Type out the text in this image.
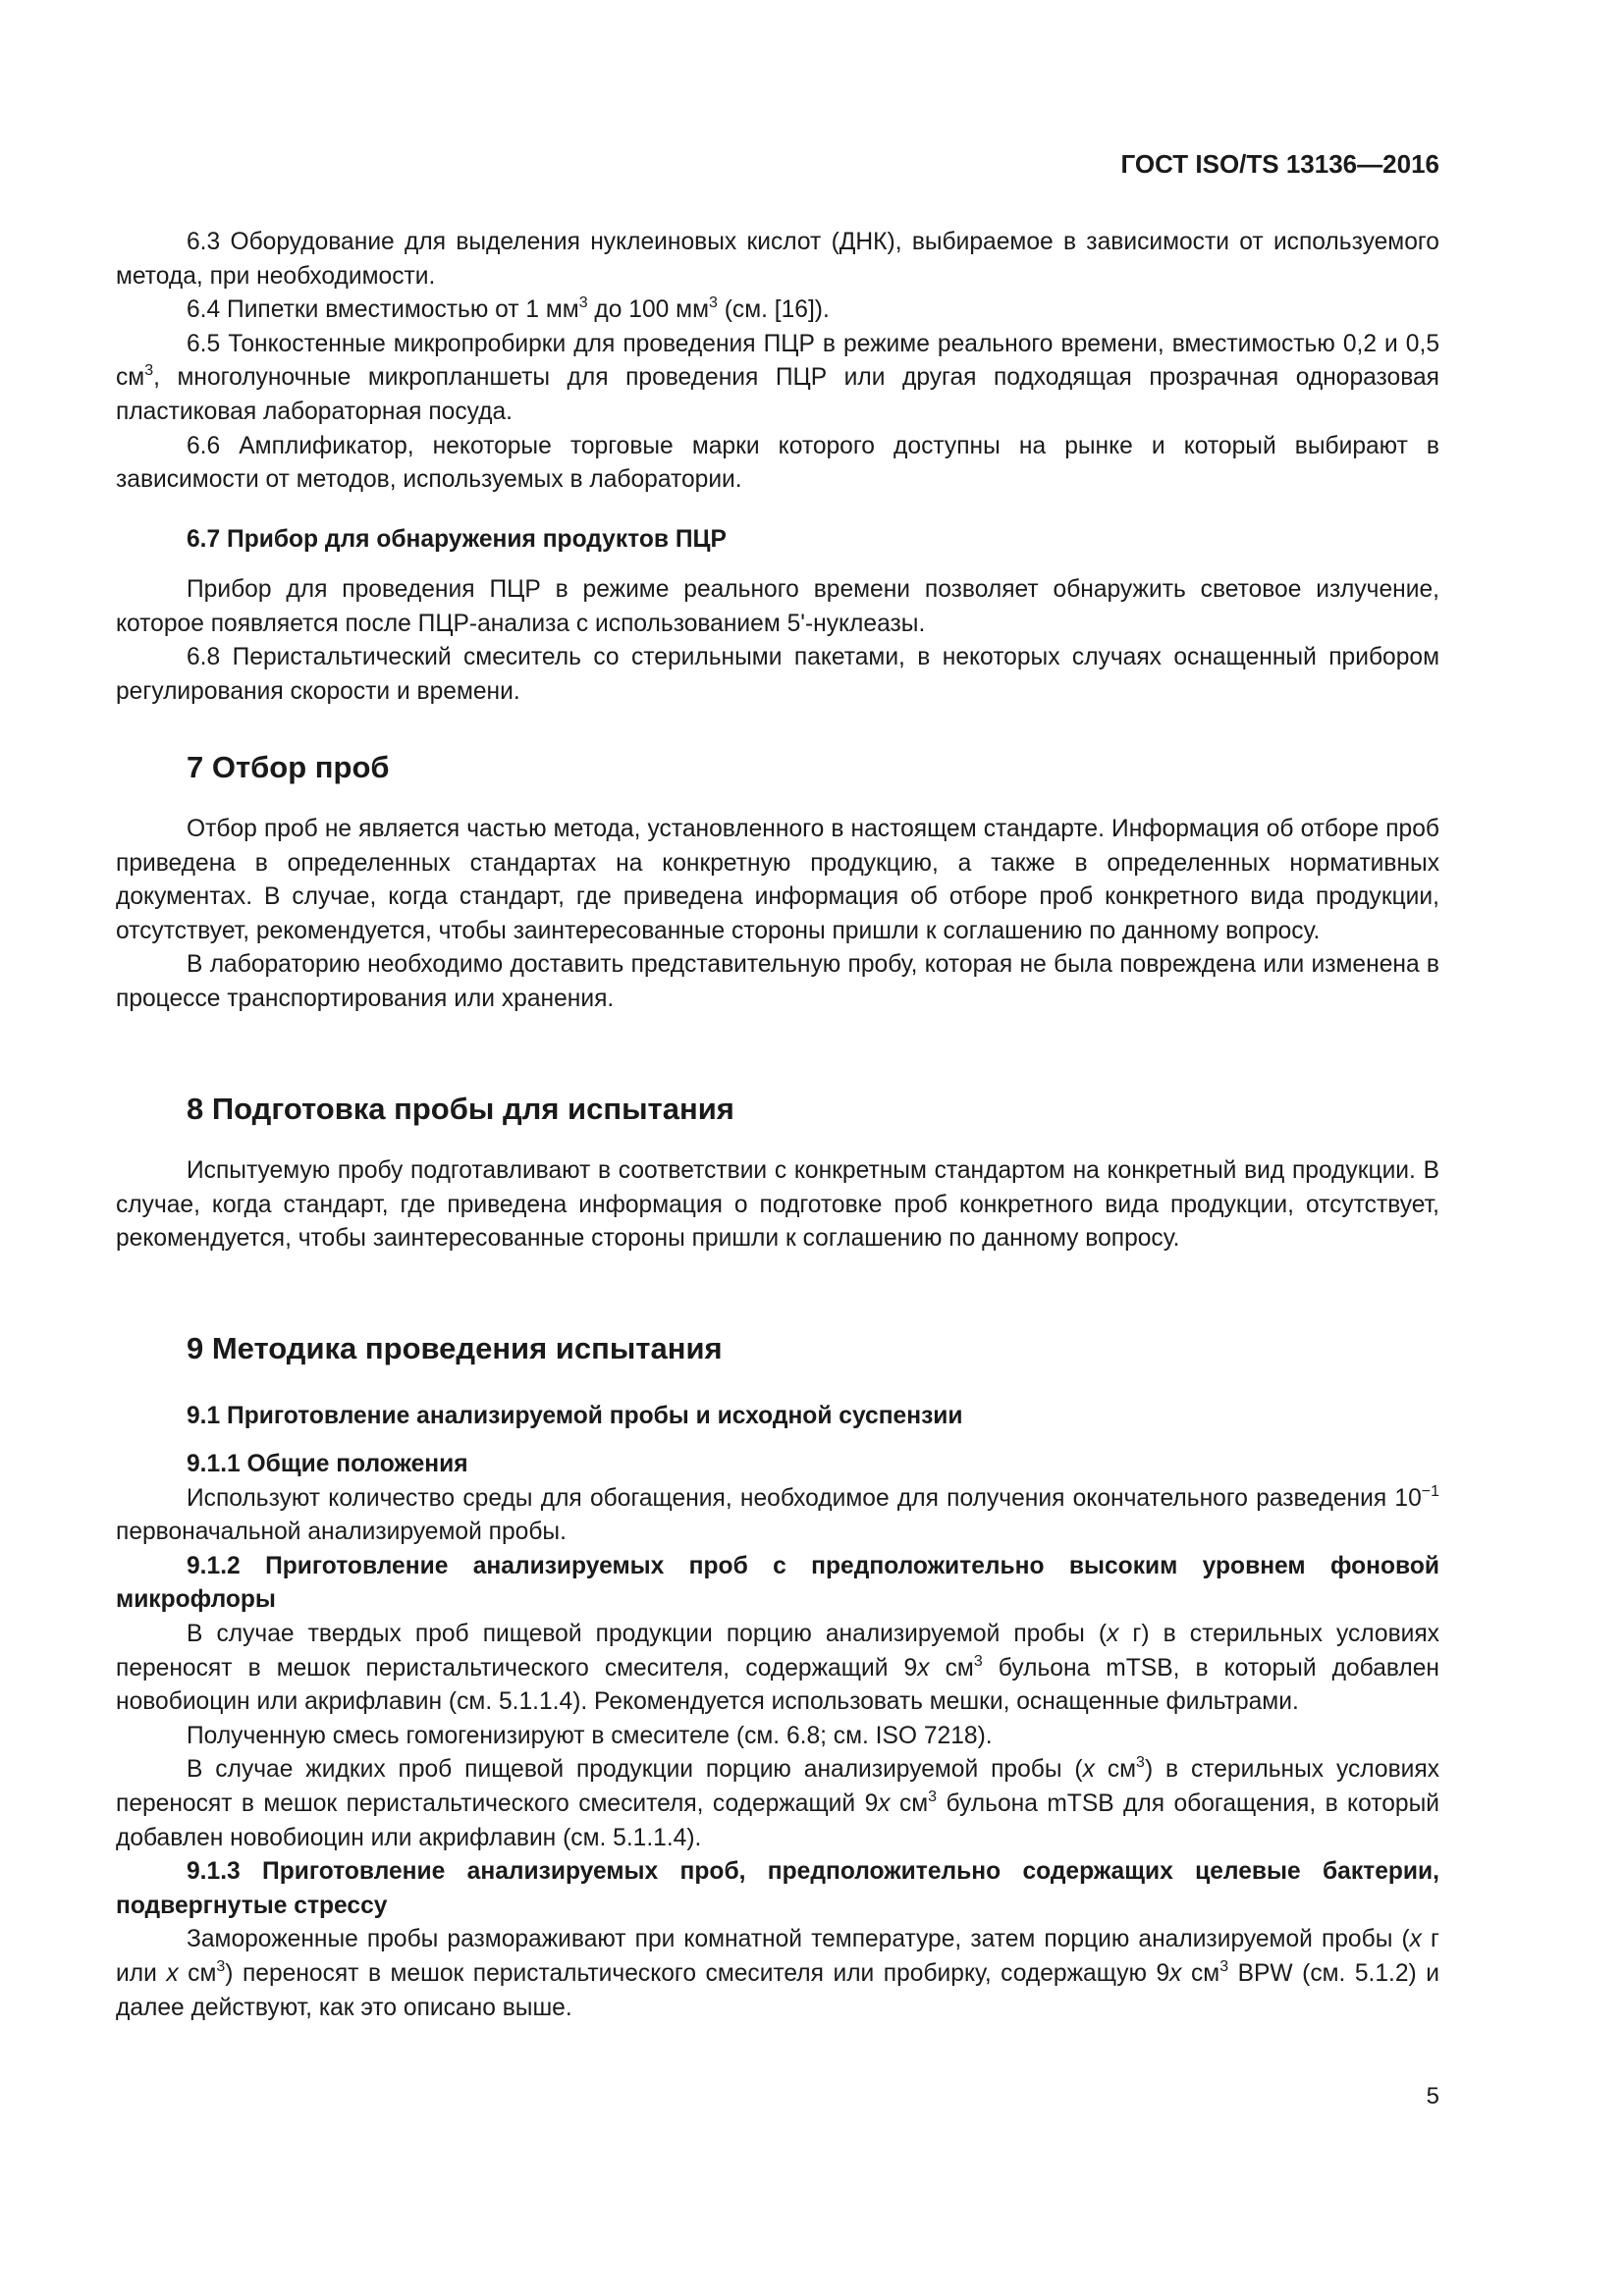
ГОСТ ISO/TS 13136—2016
6.3 Оборудование для выделения нуклеиновых кислот (ДНК), выбираемое в зависимости от используемого метода, при необходимости.
6.4 Пипетки вместимостью от 1 $мм^3$ до 100 $мм^3$ (см. [16]).
6.5 Тонкостенные микропробирки для проведения ПЦР в режиме реального времени, вместимостью 0,2 и 0,5 $см^3$, многолуночные микропланшеты для проведения ПЦР или другая подходящая прозрачная одноразовая пластиковая лабораторная посуда.
6.6 Амплификатор, некоторые торговые марки которого доступны на рынке и который выбирают в зависимости от методов, используемых в лаборатории.
6.7 Прибор для обнаружения продуктов ПЦР
Прибор для проведения ПЦР в режиме реального времени позволяет обнаружить световое излучение, которое появляется после ПЦР-анализа с использованием 5'-нуклеазы.
6.8 Перистальтический смеситель со стерильными пакетами, в некоторых случаях оснащенный прибором регулирования скорости и времени.
7 Отбор проб
Отбор проб не является частью метода, установленного в настоящем стандарте. Информация об отборе проб приведена в определенных стандартах на конкретную продукцию, а также в определенных нормативных документах. В случае, когда стандарт, где приведена информация об отборе проб конкретного вида продукции, отсутствует, рекомендуется, чтобы заинтересованные стороны пришли к соглашению по данному вопросу.
В лабораторию необходимо доставить представительную пробу, которая не была повреждена или изменена в процессе транспортирования или хранения.
8 Подготовка пробы для испытания
Испытуемую пробу подготавливают в соответствии с конкретным стандартом на конкретный вид продукции. В случае, когда стандарт, где приведена информация о подготовке проб конкретного вида продукции, отсутствует, рекомендуется, чтобы заинтересованные стороны пришли к соглашению по данному вопросу.
9 Методика проведения испытания
9.1 Приготовление анализируемой пробы и исходной суспензии
9.1.1 Общие положения
Используют количество среды для обогащения, необходимое для получения окончательного разведения $10^{-1}$ первоначальной анализируемой пробы.
9.1.2 Приготовление анализируемых проб с предположительно высоким уровнем фоновой микрофлоры
В случае твердых проб пищевой продукции порцию анализируемой пробы (x г) в стерильных условиях переносят в мешок перистальтического смесителя, содержащий 9x $см^3$ бульона mTSB, в который добавлен новобиоцин или акрифлавин (см. 5.1.1.4). Рекомендуется использовать мешки, оснащенные фильтрами.
Полученную смесь гомогенизируют в смесителе (см. 6.8; см. ISO 7218).
В случае жидких проб пищевой продукции порцию анализируемой пробы (x $см^3$) в стерильных условиях переносят в мешок перистальтического смесителя, содержащий 9x $см^3$ бульона mTSB для обогащения, в который добавлен новобиоцин или акрифлавин (см. 5.1.1.4).
9.1.3 Приготовление анализируемых проб, предположительно содержащих целевые бактерии, подвергнутые стрессу
Замороженные пробы размораживают при комнатной температуре, затем порцию анализируемой пробы (x г или x $см^3$) переносят в мешок перистальтического смесителя или пробирку, содержащую 9x $см^3$ BPW (см. 5.1.2) и далее действуют, как это описано выше.
5
